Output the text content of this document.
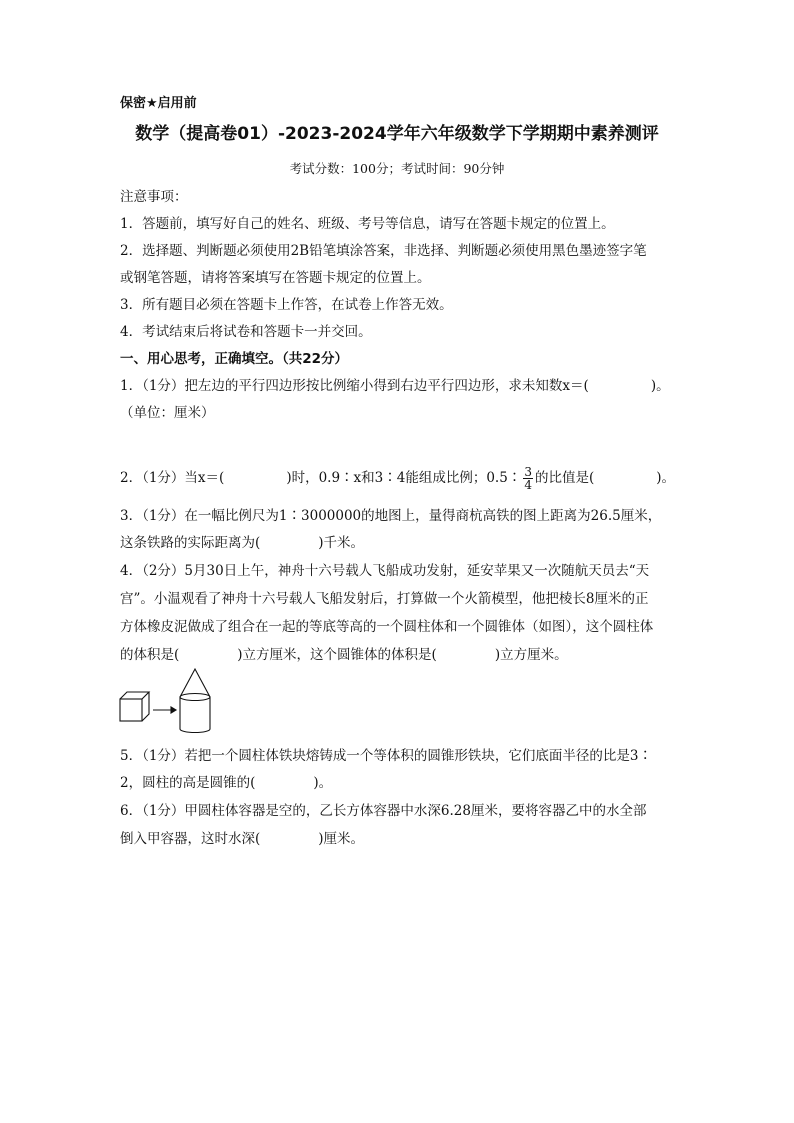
保密★启用前
数学（提高卷01）-2023-2024学年六年级数学下学期期中素养测评
考试分数：100分；考试时间：90分钟
注意事项：
1．答题前，填写好自己的姓名、班级、考号等信息，请写在答题卡规定的位置上。
2．选择题、判断题必须使用2B铅笔填涂答案，非选择、判断题必须使用黑色墨迹签字笔
或钢笔答题，请将答案填写在答题卡规定的位置上。
3．所有题目必须在答题卡上作答，在试卷上作答无效。
4．考试结束后将试卷和答题卡一并交回。
一、用心思考，正确填空。（共22分）
1．（1分）把左边的平行四边形按比例缩小得到右边平行四边形，求未知数x＝(	)。
（单位：厘米）
2．（1分）当x＝(	)时，0.9∶x和3∶4能组成比例；0.5∶ $\frac{3}{4}$ 的比值是(	)。
3．（1分）在一幅比例尺为1∶3000000的地图上，量得商杭高铁的图上距离为26.5厘米，
这条铁路的实际距离为(	)千米。
4．（2分）5月30日上午，神舟十六号载人飞船成功发射，延安苹果又一次随航天员去“天
宫”。小温观看了神舟十六号载人飞船发射后，打算做一个火箭模型，他把棱长8厘米的正
方体橡皮泥做成了组合在一起的等底等高的一个圆柱体和一个圆锥体（如图），这个圆柱体
的体积是(	)立方厘米，这个圆锥体的体积是(	)立方厘米。
5．（1分）若把一个圆柱体铁块熔铸成一个等体积的圆锥形铁块，它们底面半径的比是3∶
2，圆柱的高是圆锥的(	)。
6．（1分）甲圆柱体容器是空的，乙长方体容器中水深6.28厘米，要将容器乙中的水全部
倒入甲容器，这时水深(	)厘米。
